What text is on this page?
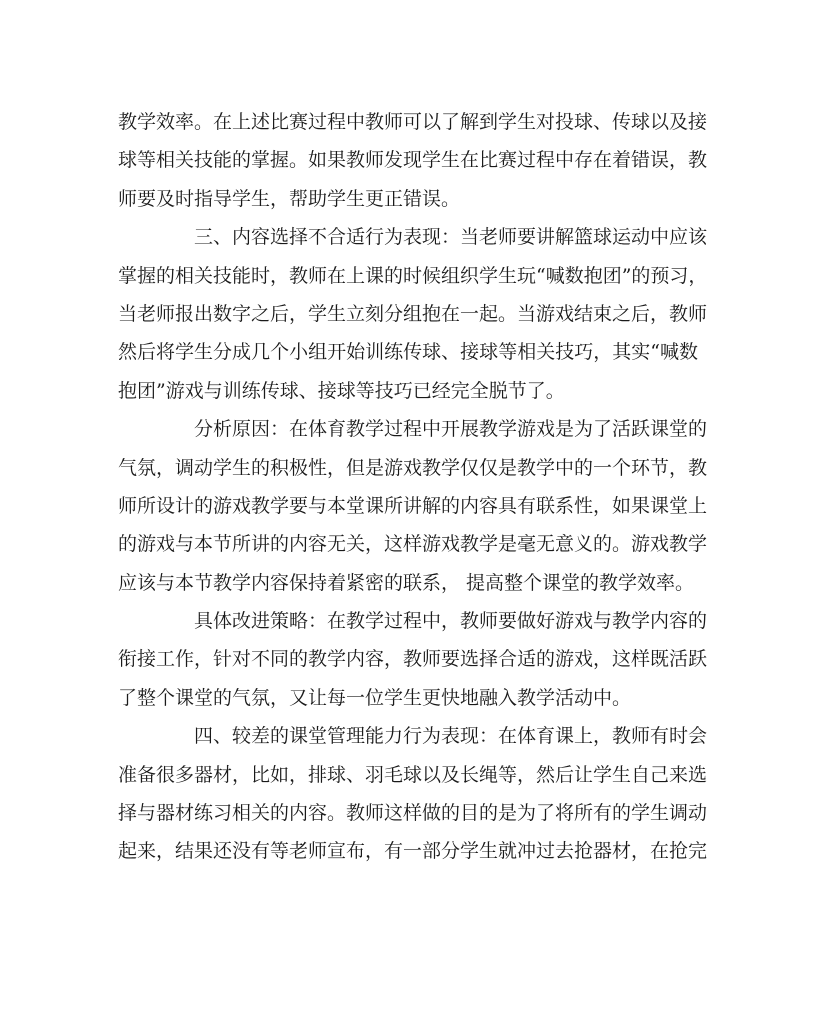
教学效率。在上述比赛过程中教师可以了解到学生对投球、传球以及接
球等相关技能的掌握。如果教师发现学生在比赛过程中存在着错误，教
师要及时指导学生，帮助学生更正错误。
三、内容选择不合适行为表现：当老师要讲解篮球运动中应该
掌握的相关技能时，教师在上课的时候组织学生玩“喊数抱团”的预习，
当老师报出数字之后，学生立刻分组抱在一起。当游戏结束之后，教师
然后将学生分成几个小组开始训练传球、接球等相关技巧，其实“喊数
抱团”游戏与训练传球、接球等技巧已经完全脱节了。
分析原因：在体育教学过程中开展教学游戏是为了活跃课堂的
气氛，调动学生的积极性，但是游戏教学仅仅是教学中的一个环节，教
师所设计的游戏教学要与本堂课所讲解的内容具有联系性，如果课堂上
的游戏与本节所讲的内容无关，这样游戏教学是毫无意义的。游戏教学
应该与本节教学内容保持着紧密的联系， 提高整个课堂的教学效率。
具体改进策略：在教学过程中，教师要做好游戏与教学内容的
衔接工作，针对不同的教学内容，教师要选择合适的游戏，这样既活跃
了整个课堂的气氛，又让每一位学生更快地融入教学活动中。
四、较差的课堂管理能力行为表现：在体育课上，教师有时会
准备很多器材，比如，排球、羽毛球以及长绳等，然后让学生自己来选
择与器材练习相关的内容。教师这样做的目的是为了将所有的学生调动
起来，结果还没有等老师宣布，有一部分学生就冲过去抢器材，在抢完
